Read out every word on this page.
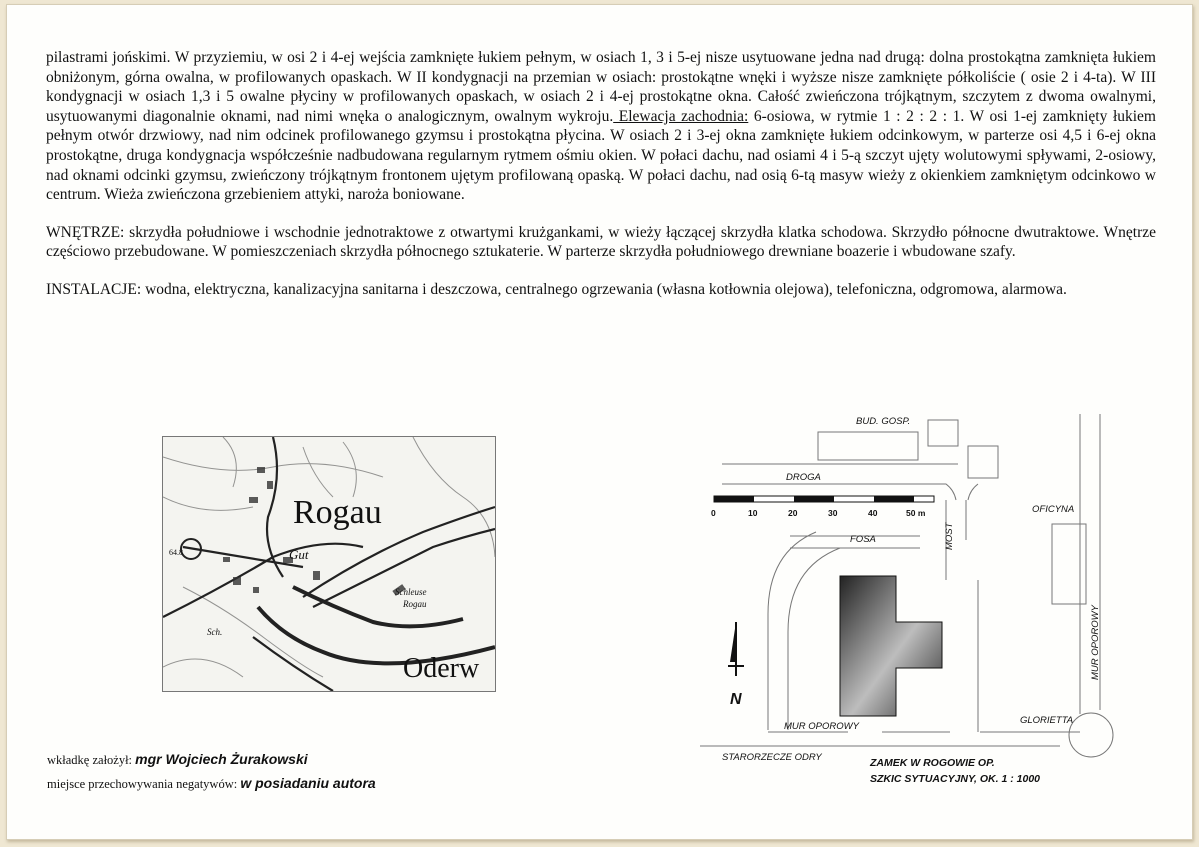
pilastrami jońskimi. W przyziemiu, w osi 2 i 4-ej wejścia zamknięte łukiem pełnym, w osiach 1, 3 i 5-ej nisze usytuowane jedna nad drugą: dolna prostokątna zamknięta łukiem obniżonym, górna owalna, w profilowanych opaskach. W II kondygnacji na przemian w osiach: prostokątne wnęki i wyższe nisze zamknięte półkoliście ( osie 2 i 4-ta). W III kondygnacji w osiach 1,3 i 5 owalne płyciny w profilowanych opaskach, w osiach 2 i 4-ej prostokątne okna. Całość zwieńczona trójkątnym, szczytem z dwoma owalnymi, usytuowanymi diagonalnie oknami, nad nimi wnęka o analogicznym, owalnym wykroju. Elewacja zachodnia: 6-osiowa, w rytmie 1 : 2 : 2 : 1. W osi 1-ej zamknięty łukiem pełnym otwór drzwiowy, nad nim odcinek profilowanego gzymsu i prostokątna płycina. W osiach 2 i 3-ej okna zamknięte łukiem odcinkowym, w parterze osi 4,5 i 6-ej okna prostokątne, druga kondygnacja współcześnie nadbudowana regularnym rytmem ośmiu okien. W połaci dachu, nad osiami 4 i 5-ą szczyt ujęty wolutowymi spływami, 2-osiowy, nad oknami odcinki gzymsu, zwieńczony trójkątnym frontonem ujętym profilowaną opaską. W połaci dachu, nad osią 6-tą masyw wieży z okienkiem zamkniętym odcinkowo w centrum. Wieża zwieńczona grzebieniem attyki, naroża boniowane.

WNĘTRZE: skrzydła południowe i wschodnie jednotraktowe z otwartymi krużgankami, w wieży łączącej skrzydła klatka schodowa. Skrzydło północne dwutraktowe. Wnętrze częściowo przebudowane. W pomieszczeniach skrzydła północnego sztukaterie. W parterze skrzydła południowego drewniane boazerie i wbudowane szafy.

INSTALACJE: wodna, elektryczna, kanalizacyjna sanitarna i deszczowa, centralnego ogrzewania (własna kotłownia olejowa), telefoniczna, odgromowa, alarmowa.

Rogau
Gut
Schleuse
Rogau
Oderw
64.8
Sch.
wkładkę założył: mgr Wojciech Żurakowski
miejsce przechowywania negatywów: w posiadaniu autora
0	10	20	30	40	50 m
N
BUD. GOSP.
DROGA
OFICYNA
FOSA	MOST
MUR OPOROWY
MUR OPOROWY
GLORIETTA
STARORZECZE ODRY	ZAMEK W ROGOWIE OP.
SZKIC SYTUACYJNY, OK. 1 : 1000
